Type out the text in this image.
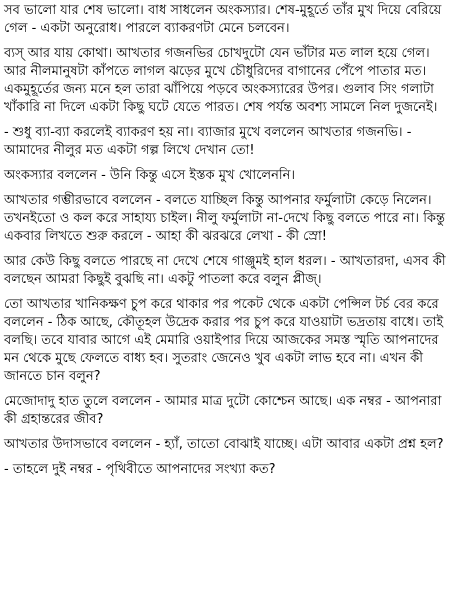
সব ভালো যার শেষ ভালো। বাধ সাধলেন অংকস্যার। শেষ-মুহূর্তে তাঁর মুখ দিয়ে বেরিয়ে গেল - একটা অনুরোধ। পারলে ব্যাকরণটা মেনে চলবেন।

ব্যস্‌ আর যায় কোথা। আখতার গজনভির চোখদুটো যেন ভাঁটার মত লাল হয়ে গেল। আর নীলমানুষটা কাঁপতে লাগল ঝড়ের মুখে চৌধুরিদের বাগানের পেঁপে পাতার মত। একমুহূর্তের জন্য মনে হল তারা ঝাঁপিয়ে পড়বে অংকস্যারের উপর। গুলাব সিং গলাটা খাঁকারি না দিলে একটা কিছু ঘটে যেতে পারত। শেষ পর্যন্ত অবশ্য সামলে নিল দুজনেই।

- শুধু ব্যা-ব্যা করলেই ব্যাকরণ হয় না। ব্যাজার মুখে বললেন আখতার গজনভি। - আমাদের নীলুর মত একটা গল্প লিখে দেখান তো!

অংকস্যার বললেন - উনি কিন্তু এসে ইস্তক মুখ খোলেননি।

আখতার গম্ভীরভাবে বললেন - বলতে যাচ্ছিল কিন্তু আপনার ফর্মুলাটা কেড়ে নিলেন। তখনইতো ও কল করে সাহায্য চাইল। নীলু ফর্মুলাটা না-দেখে কিছু বলতে পারে না। কিন্তু একবার লিখতে শুরু করলে - আহা কী ঝরঝরে লেখা - কী স্রো!

আর কেউ কিছু বলতে পারছে না দেখে শেষে গাঞ্জুমই হাল ধরল। - আখতারদা, এসব কী বলছেন আমরা কিছুই বুঝছি না। একটু পাতলা করে বলুন প্লীজ্‌।

তো আখতার খানিকক্ষণ চুপ করে থাকার পর পকেট থেকে একটা পেন্সিল টর্চ বের করে বললেন - ঠিক আছে, কৌতূহল উদ্রেক করার পর চুপ করে যাওয়াটা ভদ্রতায় বাধে। তাই বলছি। তবে যাবার আগে এই মেমারি ওয়াইপার দিয়ে আজকের সমস্ত স্মৃতি আপনাদের মন থেকে মুছে ফেলতে বাধ্য হব। সুতরাং জেনেও খুব একটা লাভ হবে না। এখন কী জানতে চান বলুন?

মেজোদাদু হাত তুলে বললেন - আমার মাত্র দুটো কোশ্চেন আছে। এক নম্বর - আপনারা কী গ্রহান্তরের জীব?

আখতার উদাসভাবে বললেন - হ্যাঁ, তাতো বোঝাই যাচ্ছে। এটা আবার একটা প্রশ্ন হল?

- তাহলে দুই নম্বর - পৃথিবীতে আপনাদের সংখ্যা কত?
